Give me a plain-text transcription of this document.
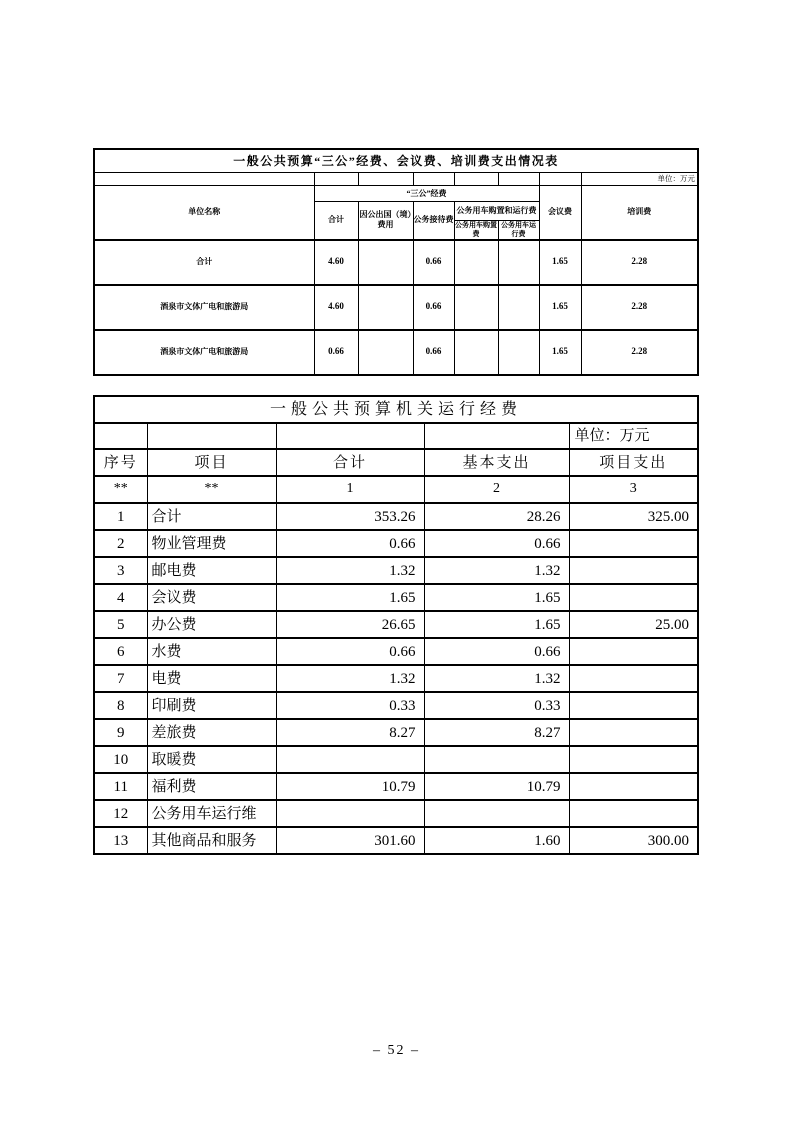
一般公共预算“三公”经费、会议费、培训费支出情况表							
							单位：万元
单位名称	“三公”经费					会议费	培训费
	合计	因公出国（境）费用	公务接待费	公务用车购置和运行费			
				公务用车购置费	公务用车运行费		
合计	4.60		0.66			1.65	2.28
酒泉市文体广电和旅游局	4.60		0.66			1.65	2.28
酒泉市文体广电和旅游局	0.66		0.66			1.65	2.28
一般公共预算机关运行经费				
				单位：万元
序号	项目	合计	基本支出	项目支出
**	**	1	2	3
1	合计	353.26	28.26	325.00
2	物业管理费	0.66	0.66	
3	邮电费	1.32	1.32	
4	会议费	1.65	1.65	
5	办公费	26.65	1.65	25.00
6	水费	0.66	0.66	
7	电费	1.32	1.32	
8	印刷费	0.33	0.33	
9	差旅费	8.27	8.27	
10	取暖费			
11	福利费	10.79	10.79	
12	公务用车运行维			
13	其他商品和服务	301.60	1.60	300.00
– 52 –
